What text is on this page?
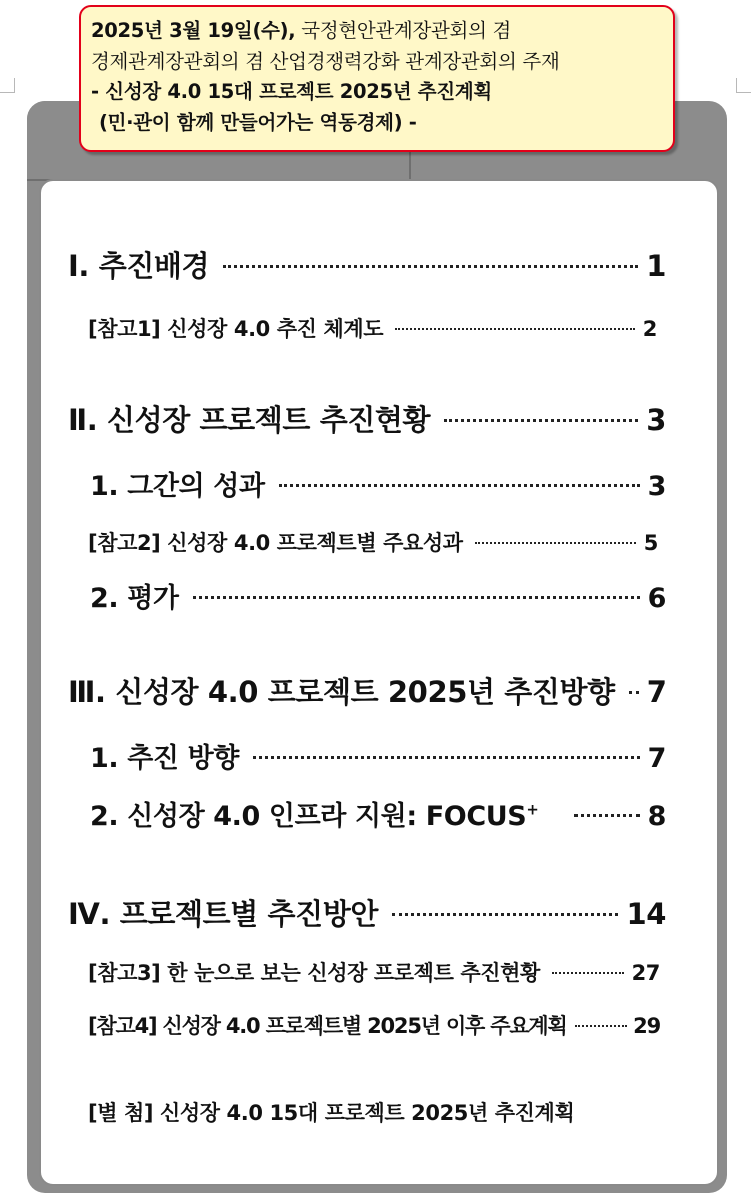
2025년 3월 19일(수), 국정현안관계장관회의 겸

경제관계장관회의 겸 산업경쟁력강화 관계장관회의 주재

- 신성장 4.0 15대 프로젝트 2025년 추진계획

(민·관이 함께 만들어가는 역동경제) -

Ⅰ. 추진배경	1
[참고1] 신성장 4.0 추진 체계도	2
Ⅱ. 신성장 프로젝트 추진현황	3
1. 그간의 성과	3
[참고2] 신성장 4.0 프로젝트별 주요성과	5
2. 평가	6
Ⅲ. 신성장 4.0 프로젝트 2025년 추진방향 7
1. 추진 방향	7
2. 신성장 4.0 인프라 지원: FOCUS+	8
Ⅳ. 프로젝트별 추진방안	14
[참고3] 한 눈으로 보는 신성장 프로젝트 추진현황	27
[참고4] 신성장 4.0 프로젝트별 2025년 이후 주요계획	29
[별 첨] 신성장 4.0 15대 프로젝트 2025년 추진계획
